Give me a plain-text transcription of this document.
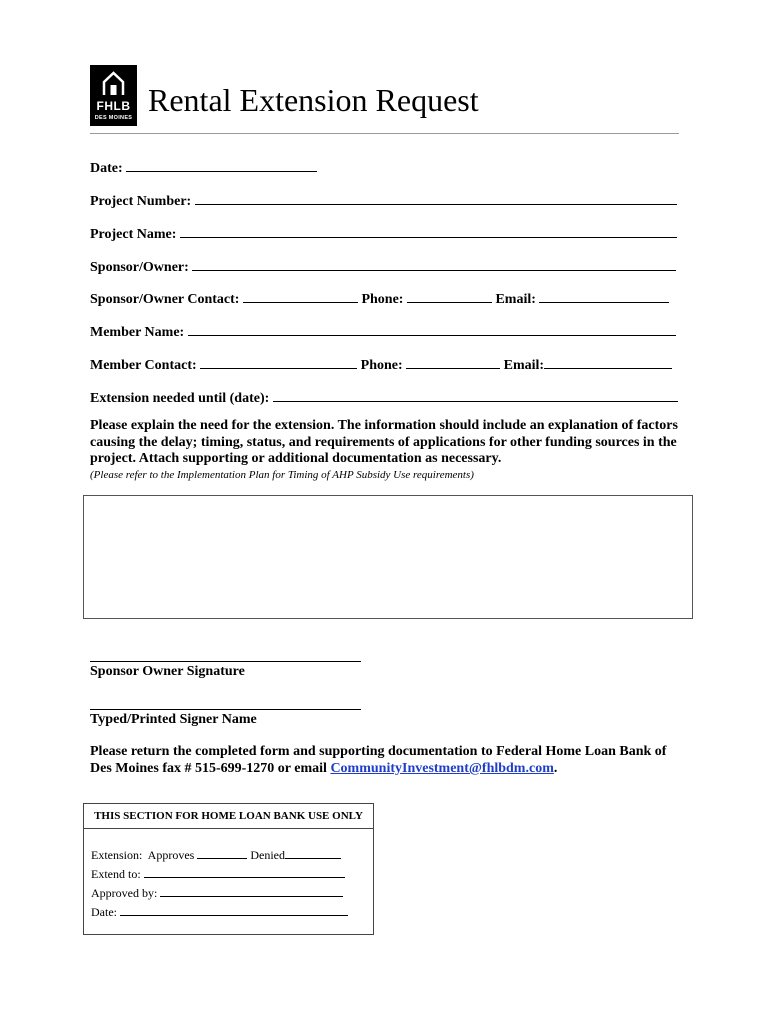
FHLB
DES MOINES Rental Extension Request
Date:
Project Number:
Project Name:
Sponsor/Owner:
Sponsor/Owner Contact:	Phone:	Email:
Member Name:
Member Contact:	Phone:	Email:
Extension needed until (date):
Please explain the need for the extension. The information should include an explanation of factors causing the delay; timing, status, and requirements of applications for other funding sources in the project. Attach supporting or additional documentation as necessary.
(Please refer to the Implementation Plan for Timing of AHP Subsidy Use requirements)
Sponsor Owner Signature
Typed/Printed Signer Name
Please return the completed form and supporting documentation to Federal Home Loan Bank of Des Moines fax # 515-699-1270 or email CommunityInvestment@fhlbdm.com.
THIS SECTION FOR HOME LOAN BANK USE ONLY
Extension: Approves	Denied
Extend to:
Approved by:
Date:
